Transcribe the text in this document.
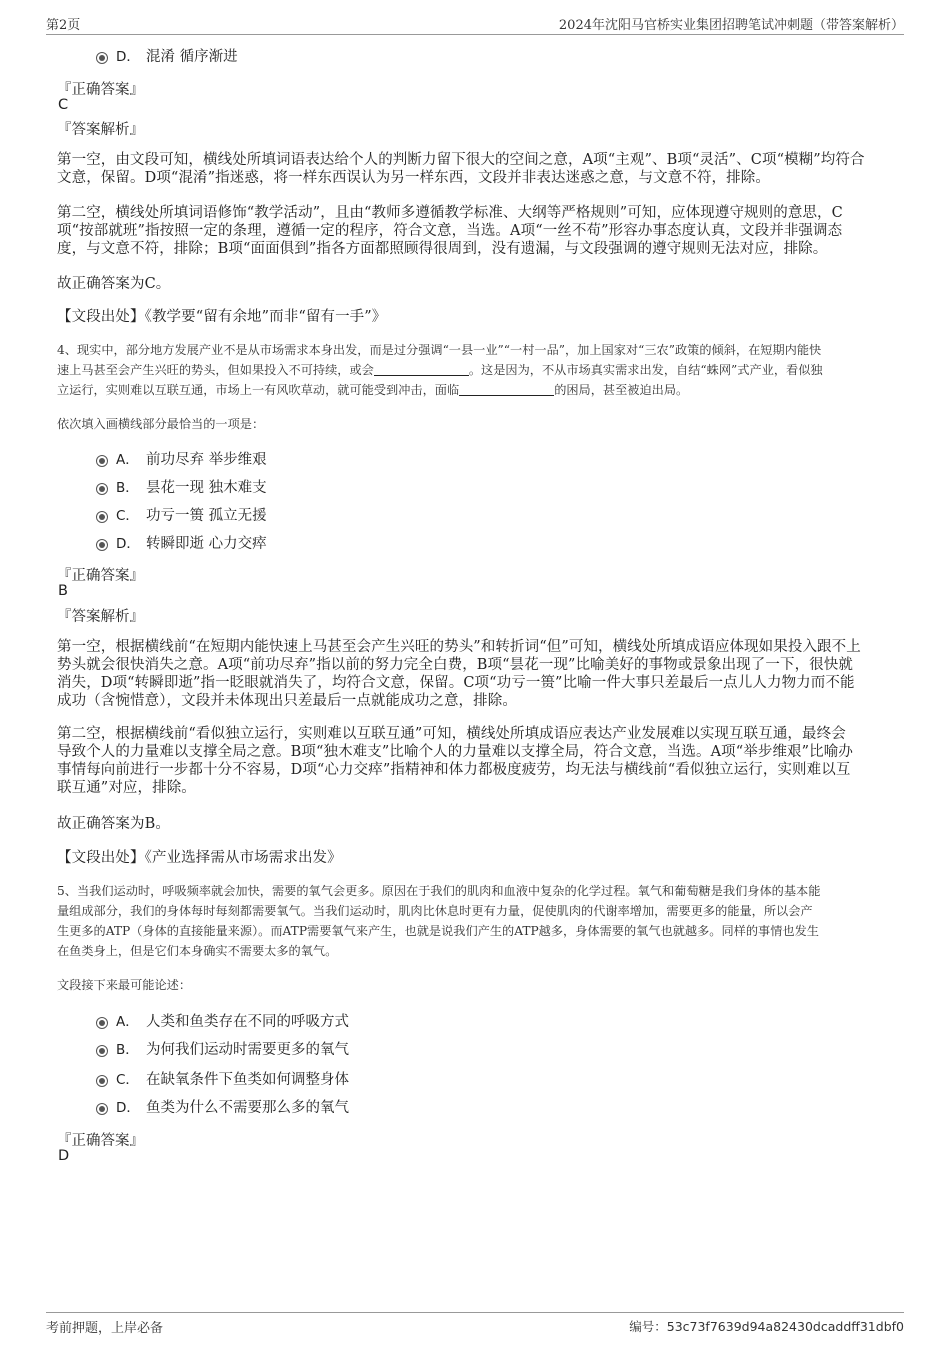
第2页	2024年沈阳马官桥实业集团招聘笔试冲刺题（带答案解析）
D． 混淆 循序渐进
『正确答案』
C
『答案解析』
第一空，由文段可知，横线处所填词语表达给个人的判断力留下很大的空间之意，A项“主观”、B项“灵活”、C项“模糊”均符合
文意，保留。D项“混淆”指迷惑，将一样东西误认为另一样东西，文段并非表达迷惑之意，与文意不符，排除。
第二空，横线处所填词语修饰“教学活动”，且由“教师多遵循教学标准、大纲等严格规则”可知，应体现遵守规则的意思，C
项“按部就班”指按照一定的条理，遵循一定的程序，符合文意，当选。A项“一丝不苟”形容办事态度认真，文段并非强调态
度，与文意不符，排除；B项“面面俱到”指各方面都照顾得很周到，没有遗漏，与文段强调的遵守规则无法对应，排除。
故正确答案为C。
【文段出处】《教学要“留有余地”而非“留有一手”》
4、现实中，部分地方发展产业不是从市场需求本身出发，而是过分强调“一县一业”“一村一品”，加上国家对“三农”政策的倾斜，在短期内能快
速上马甚至会产生兴旺的势头，但如果投入不可持续，或会	。这是因为，不从市场真实需求出发，自结“蛛网”式产业，看似独
立运行，实则难以互联互通，市场上一有风吹草动，就可能受到冲击，面临	的困局，甚至被迫出局。
依次填入画横线部分最恰当的一项是：
A． 前功尽弃 举步维艰
B． 昙花一现 独木难支
C． 功亏一篑 孤立无援
D． 转瞬即逝 心力交瘁
『正确答案』
B
『答案解析』
第一空，根据横线前“在短期内能快速上马甚至会产生兴旺的势头”和转折词“但”可知，横线处所填成语应体现如果投入跟不上
势头就会很快消失之意。A项“前功尽弃”指以前的努力完全白费，B项“昙花一现”比喻美好的事物或景象出现了一下，很快就
消失，D项“转瞬即逝”指一眨眼就消失了，均符合文意，保留。C项“功亏一篑”比喻一件大事只差最后一点儿人力物力而不能
成功（含惋惜意），文段并未体现出只差最后一点就能成功之意，排除。
第二空，根据横线前“看似独立运行，实则难以互联互通”可知，横线处所填成语应表达产业发展难以实现互联互通，最终会
导致个人的力量难以支撑全局之意。B项“独木难支”比喻个人的力量难以支撑全局，符合文意，当选。A项“举步维艰”比喻办
事情每向前进行一步都十分不容易，D项“心力交瘁”指精神和体力都极度疲劳，均无法与横线前“看似独立运行，实则难以互
联互通”对应，排除。
故正确答案为B。
【文段出处】《产业选择需从市场需求出发》
5、当我们运动时，呼吸频率就会加快，需要的氧气会更多。原因在于我们的肌肉和血液中复杂的化学过程。氧气和葡萄糖是我们身体的基本能
量组成部分，我们的身体每时每刻都需要氧气。当我们运动时，肌肉比休息时更有力量，促使肌肉的代谢率增加，需要更多的能量，所以会产
生更多的ATP（身体的直接能量来源）。而ATP需要氧气来产生，也就是说我们产生的ATP越多，身体需要的氧气也就越多。同样的事情也发生
在鱼类身上，但是它们本身确实不需要太多的氧气。
文段接下来最可能论述：
A． 人类和鱼类存在不同的呼吸方式
B． 为何我们运动时需要更多的氧气
C． 在缺氧条件下鱼类如何调整身体
D． 鱼类为什么不需要那么多的氧气
『正确答案』
D
考前押题，上岸必备	编号：53c73f7639d94a82430dcaddff31dbf0
